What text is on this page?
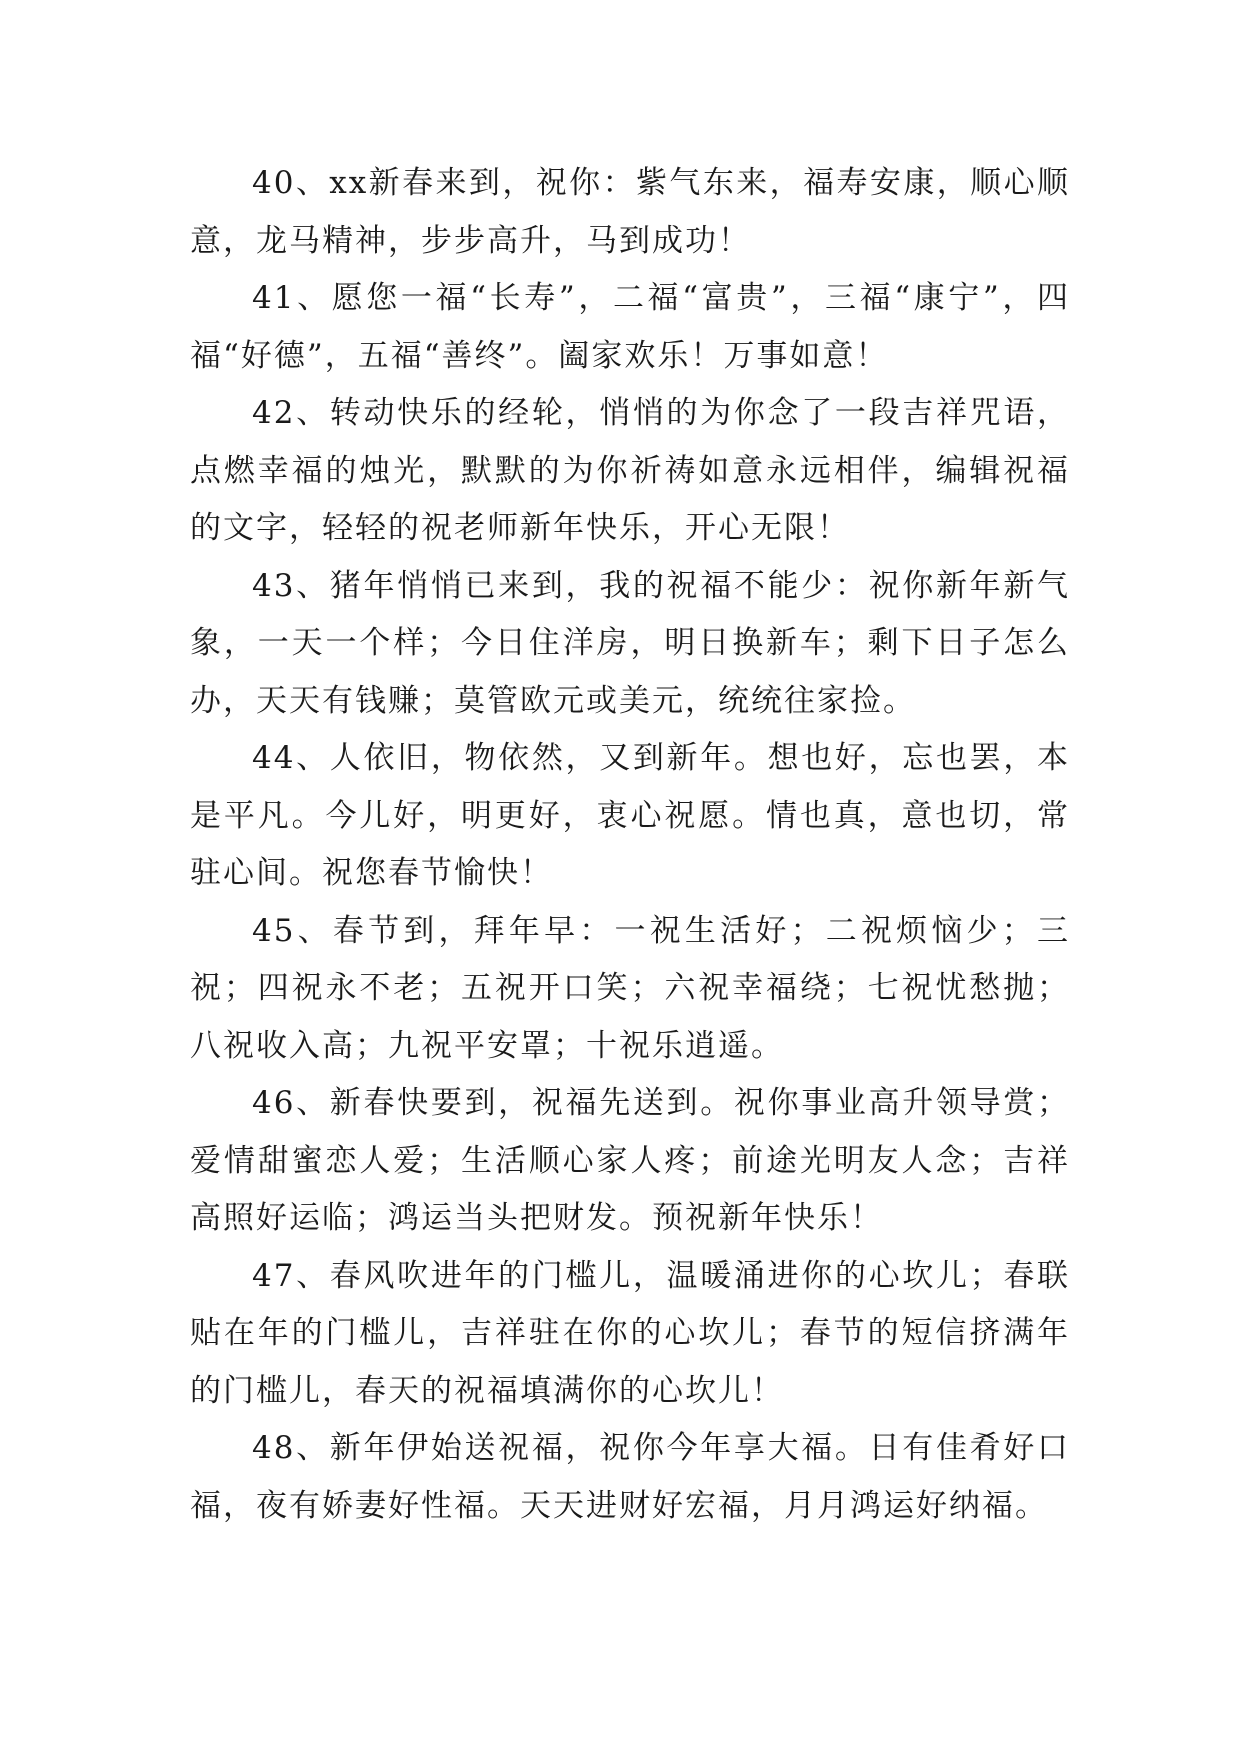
40、xx新春来到，祝你：紫气东来，福寿安康，顺心顺意，龙马精神，步步高升，马到成功！

41、愿您一福“长寿”，二福“富贵”，三福“康宁”，四福“好德”，五福“善终”。阖家欢乐！万事如意！

42、转动快乐的经轮，悄悄的为你念了一段吉祥咒语，点燃幸福的烛光，默默的为你祈祷如意永远相伴，编辑祝福的文字，轻轻的祝老师新年快乐，开心无限！

43、猪年悄悄已来到，我的祝福不能少：祝你新年新气象，一天一个样；今日住洋房，明日换新车；剩下日子怎么办，天天有钱赚；莫管欧元或美元，统统往家捡。

44、人依旧，物依然，又到新年。想也好，忘也罢，本是平凡。今儿好，明更好，衷心祝愿。情也真，意也切，常驻心间。祝您春节愉快！

45、春节到，拜年早：一祝生活好；二祝烦恼少；三祝；四祝永不老；五祝开口笑；六祝幸福绕；七祝忧愁抛；八祝收入高；九祝平安罩；十祝乐逍遥。

46、新春快要到，祝福先送到。祝你事业高升领导赏；爱情甜蜜恋人爱；生活顺心家人疼；前途光明友人念；吉祥高照好运临；鸿运当头把财发。预祝新年快乐！

47、春风吹进年的门槛儿，温暖涌进你的心坎儿；春联贴在年的门槛儿，吉祥驻在你的心坎儿；春节的短信挤满年的门槛儿，春天的祝福填满你的心坎儿！

48、新年伊始送祝福，祝你今年享大福。日有佳肴好口福，夜有娇妻好性福。天天进财好宏福，月月鸿运好纳福。
